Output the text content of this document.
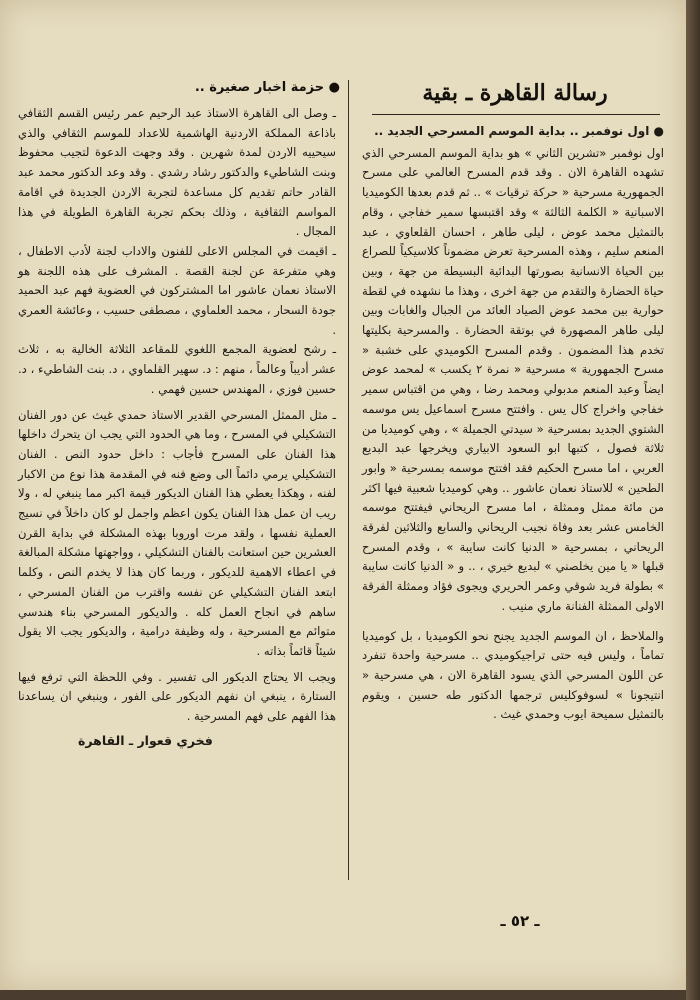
رسالة القاهرة ـ بقية
● حزمة اخبار صغيرة ..
● اول نوفمبر .. بداية الموسم المسرحي الجديد ..

اول نوفمبر «تشرين الثاني » هو بداية الموسم المسرحي الذي تشهده القاهرة الان . وقد قدم المسرح العالمي على مسرح الجمهورية مسرحية « حركة ترقيات » .. ثم قدم بعدها الكوميديا الاسبانية « الكلمة الثالثة » وقد اقتبسها سمير خفاجي ، وقام بالتمثيل محمد عوض ، ليلى طاهر ، احسان القلعاوي ، عبد المنعم سليم ، وهذه المسرحية تعرض مضموناً كلاسيكياً للصراع بين الحياة الانسانية بصورتها البدائية البسيطة من جهة ، وبين حياة الحضارة والتقدم من جهة اخرى ، وهذا ما نشهده في لقطة حوارية بين محمد عوض الصياد العائد من الجبال والغابات وبين ليلى طاهر المصهورة في بوتقة الحضارة . والمسرحية بكليتها تخدم هذا المضمون . وقدم المسرح الكوميدي على خشبة « مسرح الجمهورية » مسرحية « نمرة ٢ يكسب » لمحمد عوض ايضاً وعبد المنعم مدبولي ومحمد رضا ، وهي من اقتباس سمير خفاجي واخراج كال يس . وافتتح مسرح اسماعيل يس موسمه الشتوي الجديد بمسرحية « سيدتي الجميلة » ، وهي كوميديا من ثلاثة فصول ، كتبها ابو السعود الابياري ويخرجها عبد البديع العربي ، اما مسرح الحكيم فقد افتتح موسمه بمسرحية « وابور الطحين » للاستاذ نعمان عاشور .. وهي كوميديا شعبية فيها اكثر من مائة ممثل وممثلة ، اما مسرح الريحاني فيفتتح موسمه الخامس عشر بعد وفاة نجيب الريحاني والسابع والثلاثين لفرقة الريحاني ، بمسرحية « الدنيا كانت سايبة » ، وقدم المسرح قبلها « يا مين يخلصني » لبديع خيري ، .. و « الدنيا كانت سايبة » بطولة فريد شوقي وعمر الحريري ويجوى فؤاد وممثلة الفرقة الاولى الممثلة الفنانة ماري منيب .

والملاحظ ، ان الموسم الجديد يجنح نحو الكوميديا ، بل كوميديا تماماً ، وليس فيه حتى تراجيكوميدي .. مسرحية واحدة تنفرد عن اللون المسرحي الذي يسود القاهرة الان ، هي مسرحية « انتيجونا » لسوفوكليس ترجمها الدكتور طه حسين ، ويقوم بالتمثيل سميحة ايوب وحمدي غيث .

ـ وصل الى القاهرة الاستاذ عبد الرحيم عمر رئيس القسم الثقافي باذاعة المملكة الاردنية الهاشمية للاعداد للموسم الثقافي والذي سيحييه الاردن لمدة شهرين . وقد وجهت الدعوة لتجيب محفوظ وبنت الشاطيء والدكتور رشاد رشدي . وقد وعد الدكتور محمد عبد القادر حاتم تقديم كل مساعدة لتجربة الاردن الجديدة في اقامة المواسم الثقافية ، وذلك بحكم تجربة القاهرة الطويلة في هذا المجال .

ـ اقيمت في المجلس الاعلى للفنون والاداب لجنة لأدب الاطفال ، وهي متفرعة عن لجنة القصة . المشرف على هذه اللجنة هو الاستاذ نعمان عاشور اما المشتركون في العضوية فهم عبد الحميد جودة السحار ، محمد العلماوي ، مصطفى حسيب ، وعائشة العمري .

ـ رشح لعضوية المجمع اللغوي للمقاعد الثلاثة الخالية به ، ثلاث عشر أديباً وعالماً ، منهم : د. سهير القلماوي ، د. بنت الشاطيء ، د. حسين فوزي ، المهندس حسين فهمي .

ـ مثل الممثل المسرحي القدير الاستاذ حمدي غيث عن دور الفنان التشكيلي في المسرح ، وما هي الحدود التي يجب ان يتحرك داخلها هذا الفنان على المسرح فأجاب : داخل حدود النص . الفنان التشكيلي يرمي دائماً الى وضع فنه في المقدمة هذا نوع من الاكبار لفنه ، وهكذا يعطي هذا الفنان الديكور قيمة اكبر مما ينبغي له ، ولا ريب ان عمل هذا الفنان يكون اعظم واجمل لو كان داخلاً في نسيج العملية نفسها ، ولقد مرت اوروبا بهذه المشكلة في بداية القرن العشرين حين استعانت بالفنان التشكيلي ، وواجهتها مشكلة المبالغة في اعطاء الاهمية للديكور ، وربما كان هذا لا يخدم النص ، وكلما ابتعد الفنان التشكيلي عن نفسه واقترب من الفنان المسرحي ، ساهم في انجاح العمل كله . والديكور المسرحي بناء هندسي متوائم مع المسرحية ، وله وظيفة درامية ، والديكور يجب الا يقول شيئاً قائماً بذاته .

ويجب الا يحتاج الديكور الى تفسير . وفي اللحظة التي ترفع فيها الستارة ، ينبغي ان نفهم الديكور على الفور ، وينبغي ان يساعدنا هذا الفهم على فهم المسرحية .

فخري قعوار ـ القاهرة
ـ ٥٢ ـ
